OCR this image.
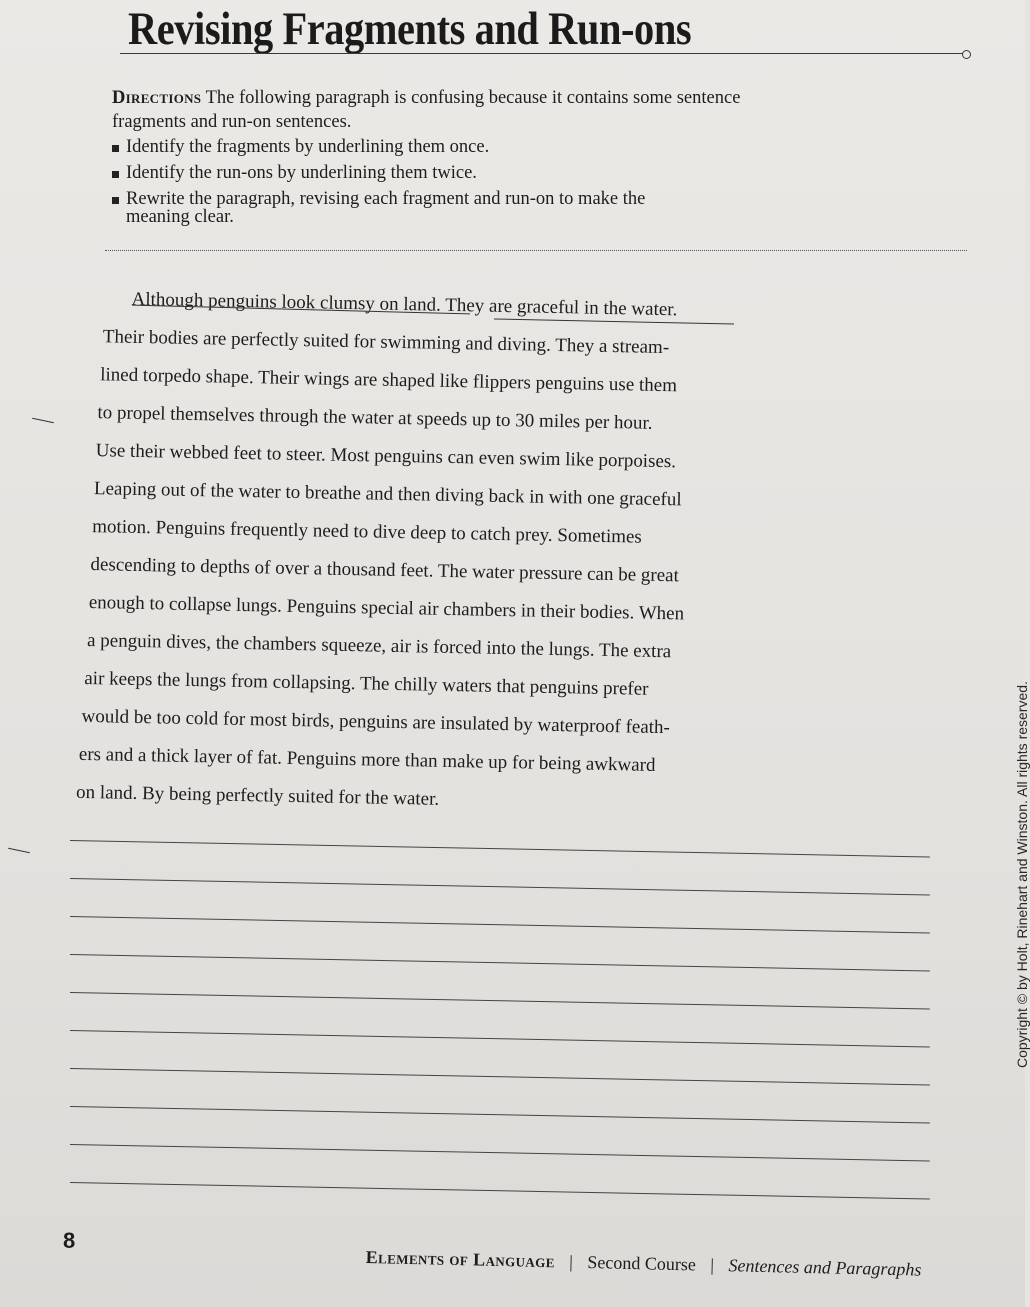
Revising Fragments and Run-ons
Directions The following paragraph is confusing because it contains some sentence fragments and run-on sentences.
Identify the fragments by underlining them once.
Identify the run-ons by underlining them twice.
Rewrite the paragraph, revising each fragment and run-on to make the
meaning clear.
Although penguins look clumsy on land. They are graceful in the water.
Their bodies are perfectly suited for swimming and diving. They a stream-
lined torpedo shape. Their wings are shaped like flippers penguins use them
to propel themselves through the water at speeds up to 30 miles per hour.
Use their webbed feet to steer. Most penguins can even swim like porpoises.
Leaping out of the water to breathe and then diving back in with one graceful
motion. Penguins frequently need to dive deep to catch prey. Sometimes
descending to depths of over a thousand feet. The water pressure can be great
enough to collapse lungs. Penguins special air chambers in their bodies. When
a penguin dives, the chambers squeeze, air is forced into the lungs. The extra
air keeps the lungs from collapsing. The chilly waters that penguins prefer
would be too cold for most birds, penguins are insulated by waterproof feath-
ers and a thick layer of fat. Penguins more than make up for being awkward
on land. By being perfectly suited for the water.	Copyright © by Holt, Rinehart and Winston. All rights reserved.
8
Elements of Language | Second Course | Sentences and Paragraphs
